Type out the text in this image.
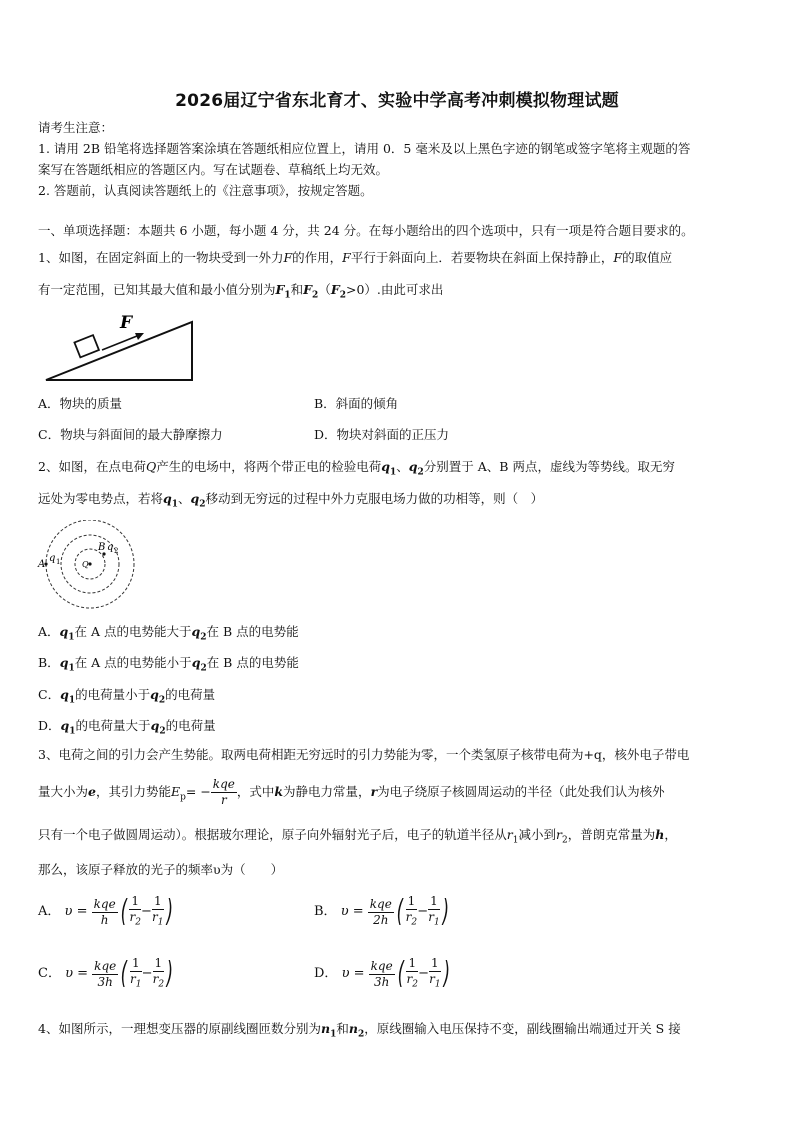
2026届辽宁省东北育才、实验中学高考冲刺模拟物理试题
请考生注意：
1. 请用 2B 铅笔将选择题答案涂填在答题纸相应位置上，请用 0．5 毫米及以上黑色字迹的钢笔或签字笔将主观题的答
案写在答题纸相应的答题区内。写在试题卷、草稿纸上均无效。
2. 答题前，认真阅读答题纸上的《注意事项》，按规定答题。
一、单项选择题：本题共 6 小题，每小题 4 分，共 24 分。在每小题给出的四个选项中，只有一项是符合题目要求的。
1、如图，在固定斜面上的一物块受到一外力F的作用，F平行于斜面向上．若要物块在斜面上保持静止，F的取值应
有一定范围，已知其最大值和最小值分别为$F_1$和$F_2(F_2>0)$.由此可求出
F
A．物块的质量	B．斜面的倾角
C．物块与斜面间的最大静摩擦力	D．物块对斜面的正压力
2、如图，在点电荷Q产生的电场中，将两个带正电的检验电荷$q_1$、$q_2$分别置于 A、B 两点，虚线为等势线。取无穷
远处为零电势点，若将$q_1$、$q_2$移动到无穷远的过程中外力克服电场力做的功相等，则（　）
A
q 1	Q
B q 2
A．$q_1$在 A 点的电势能大于$q_2$在 B 点的电势能
B．$q_1$在 A 点的电势能小于$q_2$在 B 点的电势能
C．$q_1$的电荷量小于$q_2$的电荷量
D．$q_1$的电荷量大于$q_2$的电荷量
3、电荷之间的引力会产生势能。取两电荷相距无穷远时的引力势能为零，一个类氢原子核带电荷为+q，核外电子带电
量大小为e，其引力势能$E_p= - \frac{\text{kqe}}{r}$ ，式中k为静电力常量，r为电子绕原子核圆周运动的半径（此处我们认为核外
只有一个电子做圆周运动）。根据玻尔理论，原子向外辐射光子后，电子的轨道半径从$r_1$减小到$r_2$，普朗克常量为h，
那么，该原子释放的光子的频率υ为（　　）
A．
υ =
$\frac{\text{kqe}}{h}$ ( $\frac{1}{r_2} - \frac{1}{r_1}$ )	B．
υ =
$\frac{\text{kqe}}{2h}$ ( $\frac{1}{r_2} - \frac{1}{r_1}$ )
C．
υ =
$\frac{\text{kqe}}{3h}$ ( $\frac{1}{r_1} - \frac{1}{r_2}$ )	D．
υ =
$\frac{\text{kqe}}{3h}$ ( $\frac{1}{r_2} - \frac{1}{r_1}$ )
4、如图所示，一理想变压器的原副线圈匝数分别为$n_1$和$n_2$，原线圈输入电压保持不变，副线圈输出端通过开关 S 接
